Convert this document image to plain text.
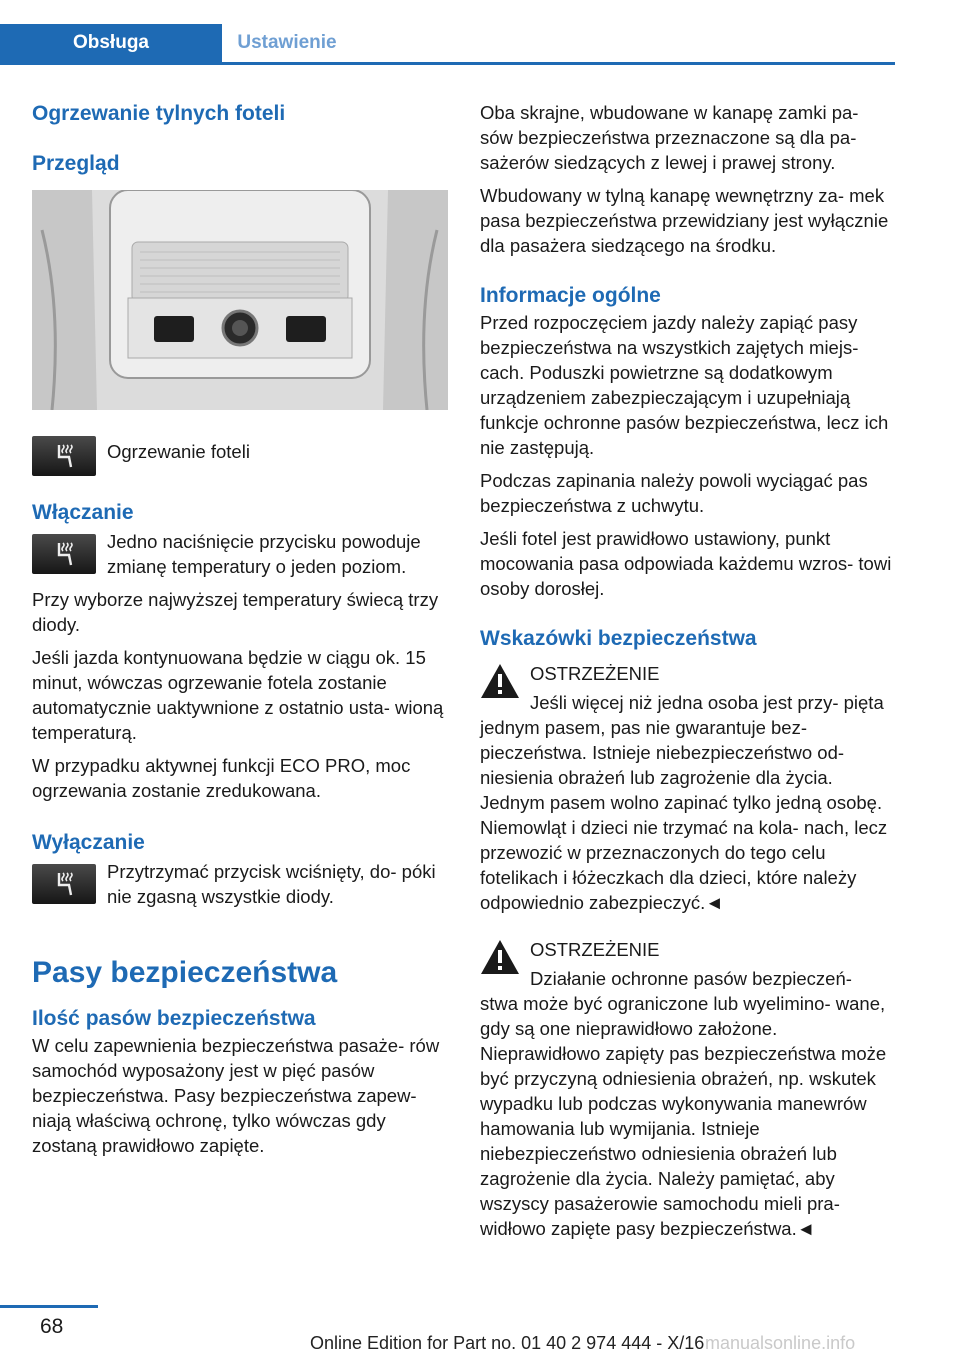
Obsługa	Ustawienie
Ogrzewanie tylnych foteli
Przegląd
Ogrzewanie foteli
Włączanie
Jedno naciśnięcie przycisku powoduje zmianę temperatury o jeden poziom.

Przy wyborze najwyższej temperatury świecą trzy diody.

Jeśli jazda kontynuowana będzie w ciągu ok. 15 minut, wówczas ogrzewanie fotela zostanie automatycznie uaktywnione z ostatnio usta‐ wioną temperaturą.

W przypadku aktywnej funkcji ECO PRO, moc ogrzewania zostanie zredukowana.

Wyłączanie
Przytrzymać przycisk wciśnięty, do‐ póki nie zgasną wszystkie diody.
Pasy bezpieczeństwa
Ilość pasów bezpieczeństwa

W celu zapewnienia bezpieczeństwa pasaże‐ rów samochód wyposażony jest w pięć pasów bezpieczeństwa. Pasy bezpieczeństwa zapew‐ niają właściwą ochronę, tylko wówczas gdy zostaną prawidłowo zapięte.

Oba skrajne, wbudowane w kanapę zamki pa‐ sów bezpieczeństwa przeznaczone są dla pa‐ sażerów siedzących z lewej i prawej strony.

Wbudowany w tylną kanapę wewnętrzny za‐ mek pasa bezpieczeństwa przewidziany jest wyłącznie dla pasażera siedzącego na środku.

Informacje ogólne

Przed rozpoczęciem jazdy należy zapiąć pasy bezpieczeństwa na wszystkich zajętych miejs‐ cach. Poduszki powietrzne są dodatkowym urządzeniem zabezpieczającym i uzupełniają funkcje ochronne pasów bezpieczeństwa, lecz ich nie zastępują.

Podczas zapinania należy powoli wyciągać pas bezpieczeństwa z uchwytu.

Jeśli fotel jest prawidłowo ustawiony, punkt mocowania pasa odpowiada każdemu wzros‐ towi osoby dorosłej.

Wskazówki bezpieczeństwa
OSTRZEŻENIE

Jeśli więcej niż jedna osoba jest przy‐ pięta jednym pasem, pas nie gwarantuje bez‐ pieczeństwa. Istnieje niebezpieczeństwo od‐ niesienia obrażeń lub zagrożenie dla życia. Jednym pasem wolno zapinać tylko jedną osobę. Niemowląt i dzieci nie trzymać na kola‐ nach, lecz przewozić w przeznaczonych do tego celu fotelikach i łóżeczkach dla dzieci, które należy odpowiednio zabezpieczyć.◄

OSTRZEŻENIE

Działanie ochronne pasów bezpieczeń‐ stwa może być ograniczone lub wyelimino‐ wane, gdy są one nieprawidłowo założone. Nieprawidłowo zapięty pas bezpieczeństwa może być przyczyną odniesienia obrażeń, np. wskutek wypadku lub podczas wykonywania manewrów hamowania lub wymijania. Istnieje niebezpieczeństwo odniesienia obrażeń lub zagrożenie dla życia. Należy pamiętać, aby wszyscy pasażerowie samochodu mieli pra‐ widłowo zapięte pasy bezpieczeństwa.◄

68
Online Edition for Part no. 01 40 2 974 444 - X/16 manualsonline.info
